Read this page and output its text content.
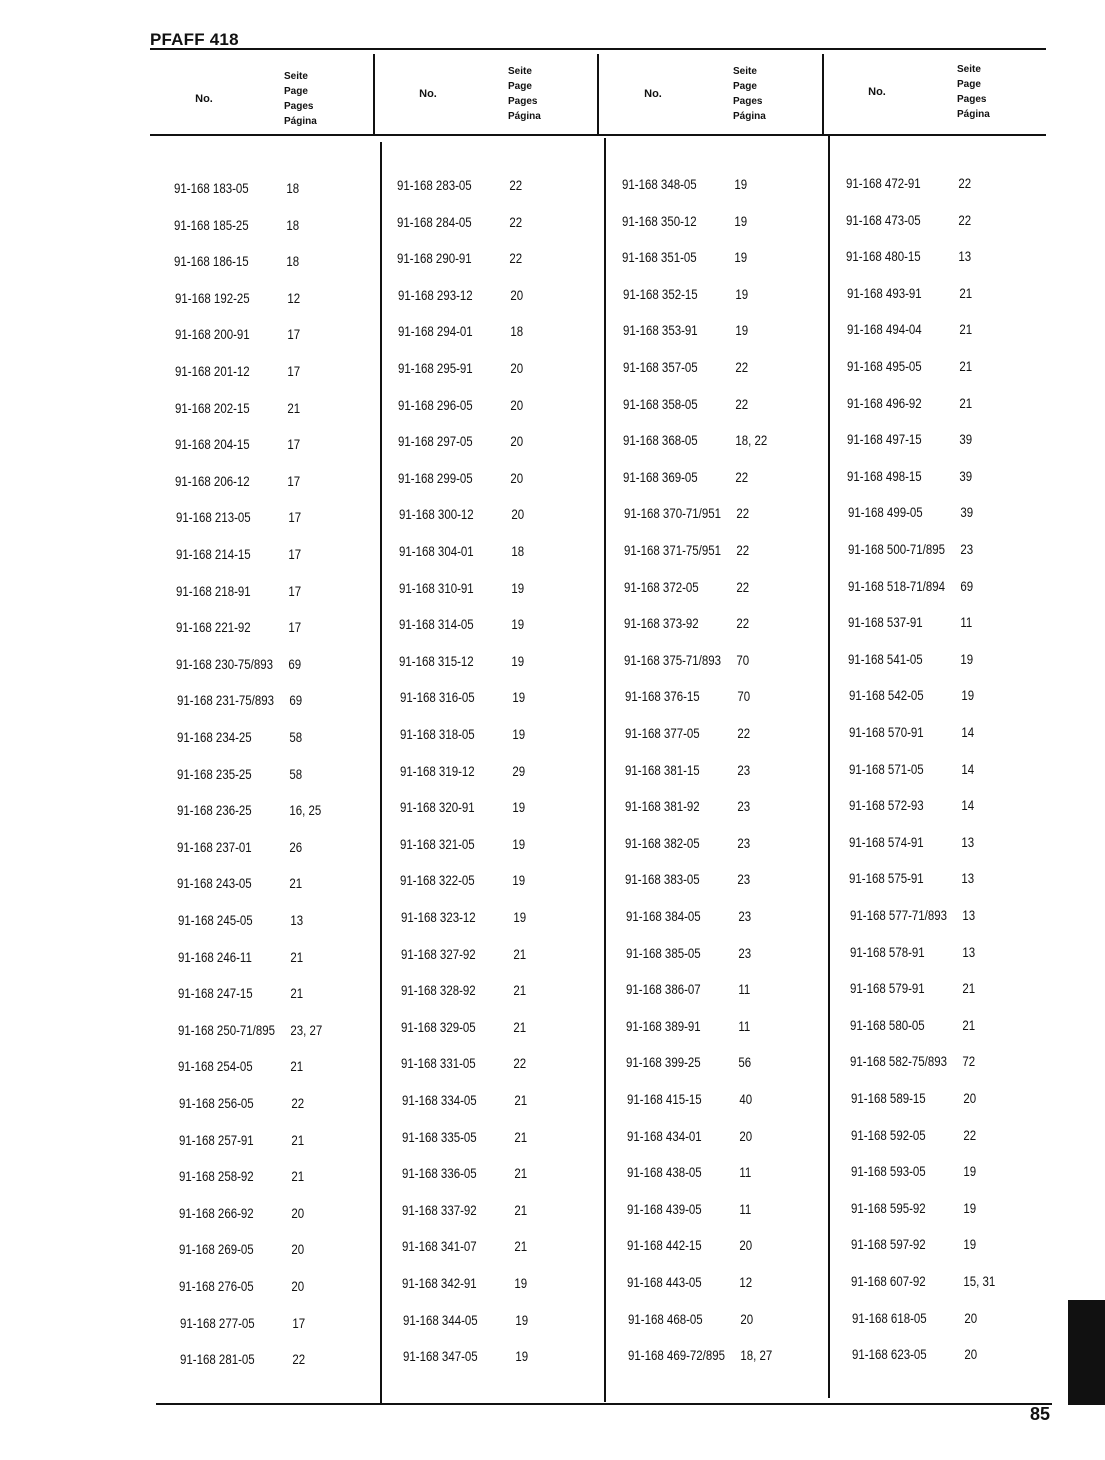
PFAFF 418
No.
Seite
Page
Pages
Página
No.
Seite
Page
Pages
Página
No.
Seite
Page
Pages
Página
No.
Seite
Page
Pages
Página
91-168 183-05	18
91-168 185-25	18
91-168 186-15	18
91-168 192-25	12
91-168 200-91	17
91-168 201-12	17
91-168 202-15	21
91-168 204-15	17
91-168 206-12	17
91-168 213-05	17
91-168 214-15	17
91-168 218-91	17
91-168 221-92	17
91-168 230-75/893 69
91-168 231-75/893 69
91-168 234-25	58
91-168 235-25	58
91-168 236-25	16, 25
91-168 237-01	26
91-168 243-05	21
91-168 245-05	13
91-168 246-11	21
91-168 247-15	21
91-168 250-71/895 23, 27
91-168 254-05	21
91-168 256-05	22
91-168 257-91	21
91-168 258-92	21
91-168 266-92	20
91-168 269-05	20
91-168 276-05	20
91-168 277-05	17
91-168 281-05	22
91-168 283-05	22
91-168 284-05	22
91-168 290-91	22
91-168 293-12	20
91-168 294-01	18
91-168 295-91	20
91-168 296-05	20
91-168 297-05	20
91-168 299-05	20
91-168 300-12	20
91-168 304-01	18
91-168 310-91	19
91-168 314-05	19
91-168 315-12	19
91-168 316-05	19
91-168 318-05	19
91-168 319-12	29
91-168 320-91	19
91-168 321-05	19
91-168 322-05	19
91-168 323-12	19
91-168 327-92	21
91-168 328-92	21
91-168 329-05	21
91-168 331-05	22
91-168 334-05	21
91-168 335-05	21
91-168 336-05	21
91-168 337-92	21
91-168 341-07	21
91-168 342-91	19
91-168 344-05	19
91-168 347-05	19
91-168 348-05	19
91-168 350-12	19
91-168 351-05	19
91-168 352-15	19
91-168 353-91	19
91-168 357-05	22
91-168 358-05	22
91-168 368-05	18, 22
91-168 369-05	22
91-168 370-71/951 22
91-168 371-75/951 22
91-168 372-05	22
91-168 373-92	22
91-168 375-71/893 70
91-168 376-15	70
91-168 377-05	22
91-168 381-15	23
91-168 381-92	23
91-168 382-05	23
91-168 383-05	23
91-168 384-05	23
91-168 385-05	23
91-168 386-07	11
91-168 389-91	11
91-168 399-25	56
91-168 415-15	40
91-168 434-01	20
91-168 438-05	11
91-168 439-05	11
91-168 442-15	20
91-168 443-05	12
91-168 468-05	20
91-168 469-72/895 18, 27
91-168 472-91	22
91-168 473-05	22
91-168 480-15	13
91-168 493-91	21
91-168 494-04	21
91-168 495-05	21
91-168 496-92	21
91-168 497-15	39
91-168 498-15	39
91-168 499-05	39
91-168 500-71/895 23
91-168 518-71/894 69
91-168 537-91	11
91-168 541-05	19
91-168 542-05	19
91-168 570-91	14
91-168 571-05	14
91-168 572-93	14
91-168 574-91	13
91-168 575-91	13
91-168 577-71/893 13
91-168 578-91	13
91-168 579-91	21
91-168 580-05	21
91-168 582-75/893 72
91-168 589-15	20
91-168 592-05	22
91-168 593-05	19
91-168 595-92	19
91-168 597-92	19
91-168 607-92	15, 31
91-168 618-05	20
91-168 623-05	20
85
